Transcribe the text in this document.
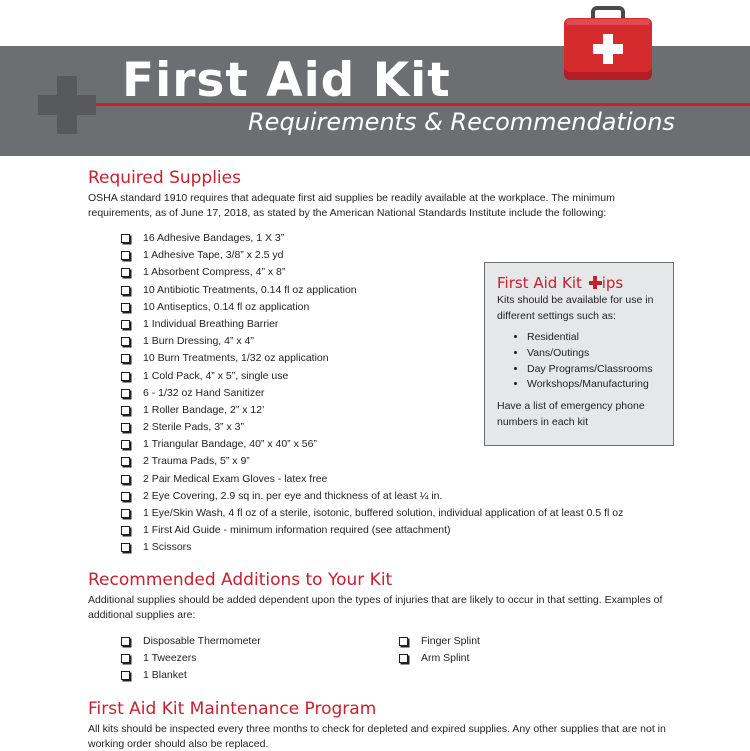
First Aid Kit
Requirements & Recommendations
Required Supplies

OSHA standard 1910 requires that adequate first aid supplies be readily available at the workplace. The minimum requirements, as of June 17, 2018, as stated by the American National Standards Institute include the following:

16 Adhesive Bandages, 1 X 3”
1 Adhesive Tape, 3/8” x 2.5 yd
1 Absorbent Compress, 4” x 8”
10 Antibiotic Treatments, 0.14 fl oz application
10 Antiseptics, 0.14 fl oz application
1 Individual Breathing Barrier
1 Burn Dressing, 4” x 4”
10 Burn Treatments, 1/32 oz application
1 Cold Pack, 4” x 5”, single use
6 - 1/32 oz Hand Sanitizer
1 Roller Bandage, 2” x 12’
2 Sterile Pads, 3” x 3”
1 Triangular Bandage, 40” x 40” x 56”
2 Trauma Pads, 5” x 9”
2 Pair Medical Exam Gloves - latex free
2 Eye Covering, 2.9 sq in. per eye and thickness of at least ¼ in.
1 Eye/Skin Wash, 4 fl oz of a sterile, isotonic, buffered solution, individual application of at least 0.5 fl oz
1 First Aid Guide - minimum information required (see attachment)
1 Scissors
First Aid Kit
ips

Kits should be available for use in different settings such as:

• Residential
• Vans/Outings
• Day Programs/Classrooms
• Workshops/Manufacturing

Have a list of emergency phone numbers in each kit

Recommended Additions to Your Kit

Additional supplies should be added dependent upon the types of injuries that are likely to occur in that setting. Examples of additional supplies are:

Disposable Thermometer
1 Tweezers
1 Blanket
Finger Splint
Arm Splint
First Aid Kit Maintenance Program

All kits should be inspected every three months to check for depleted and expired supplies. Any other supplies that are not in working order should also be replaced.
